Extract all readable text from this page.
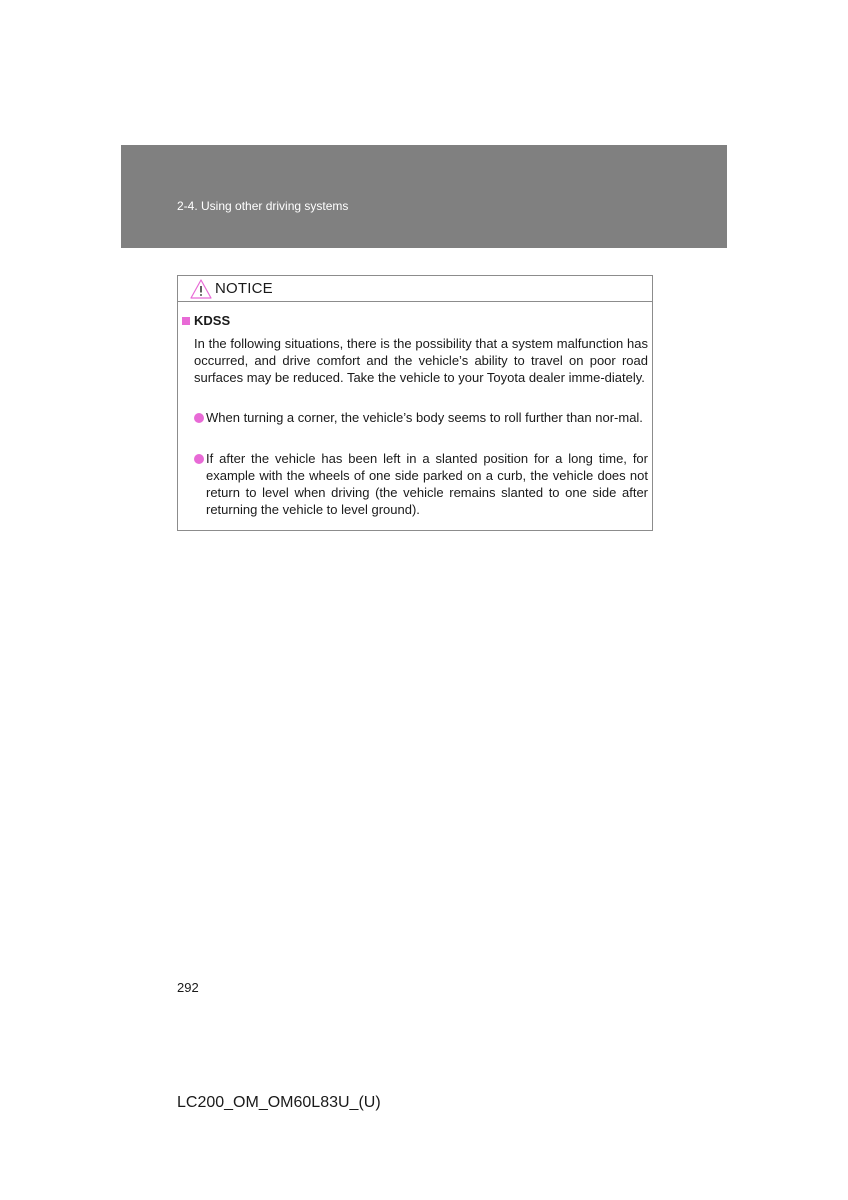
2-4. Using other driving systems
NOTICE
KDSS
In the following situations, there is the possibility that a system malfunction has occurred, and drive comfort and the vehicle’s ability to travel on poor road surfaces may be reduced. Take the vehicle to your Toyota dealer imme-diately.
When turning a corner, the vehicle’s body seems to roll further than nor-mal.
If after the vehicle has been left in a slanted position for a long time, for example with the wheels of one side parked on a curb, the vehicle does not return to level when driving (the vehicle remains slanted to one side after returning the vehicle to level ground).
292
LC200_OM_OM60L83U_(U)
